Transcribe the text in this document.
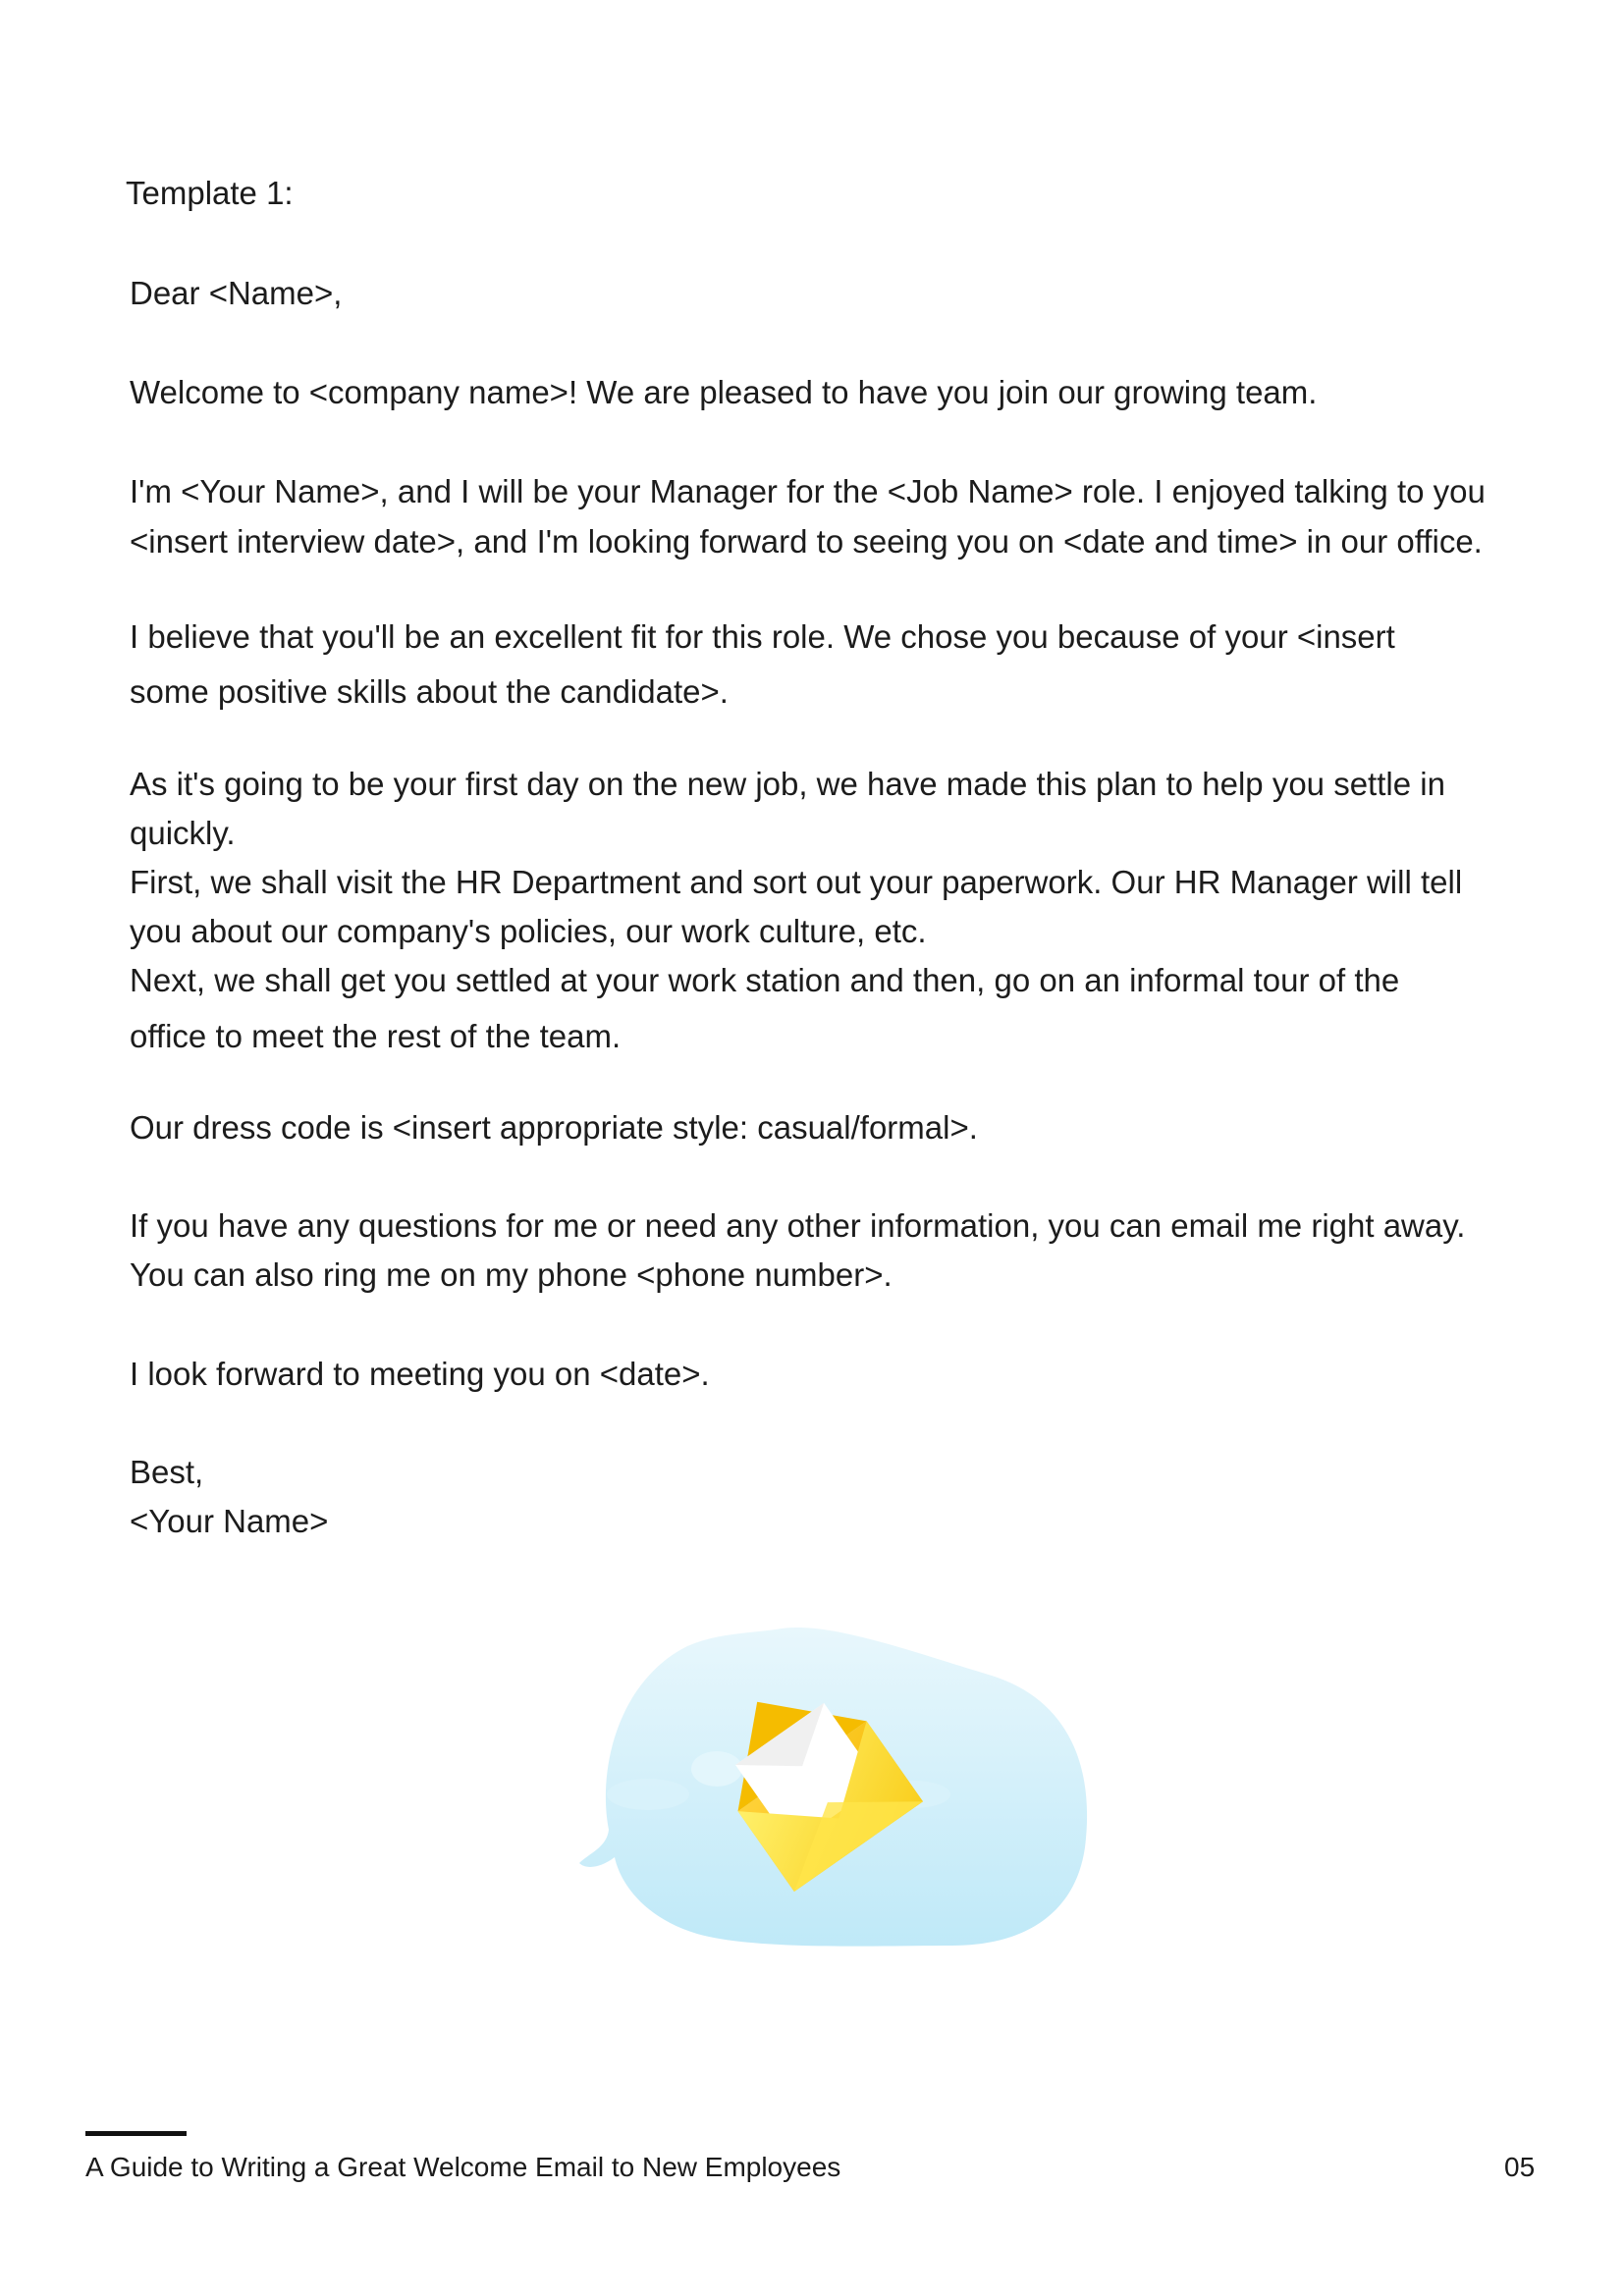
Template 1:

Dear <Name>,

Welcome to <company name>! We are pleased to have you join our growing team.

I'm <Your Name>, and I will be your Manager for the <Job Name> role. I enjoyed talking to you

<insert interview date>, and I'm looking forward to seeing you on <date and time> in our office.

I believe that you'll be an excellent fit for this role. We chose you because of your <insert

some positive skills about the candidate>.

As it's going to be your first day on the new job, we have made this plan to help you settle in

quickly.

First, we shall visit the HR Department and sort out your paperwork. Our HR Manager will tell

you about our company's policies, our work culture, etc.

Next, we shall get you settled at your work station and then, go on an informal tour of the

office to meet the rest of the team.

Our dress code is <insert appropriate style: casual/formal>.

If you have any questions for me or need any other information, you can email me right away.

You can also ring me on my phone <phone number>.

I look forward to meeting you on <date>.

Best,

<Your Name>

A Guide to Writing a Great Welcome Email to New Employees	05
